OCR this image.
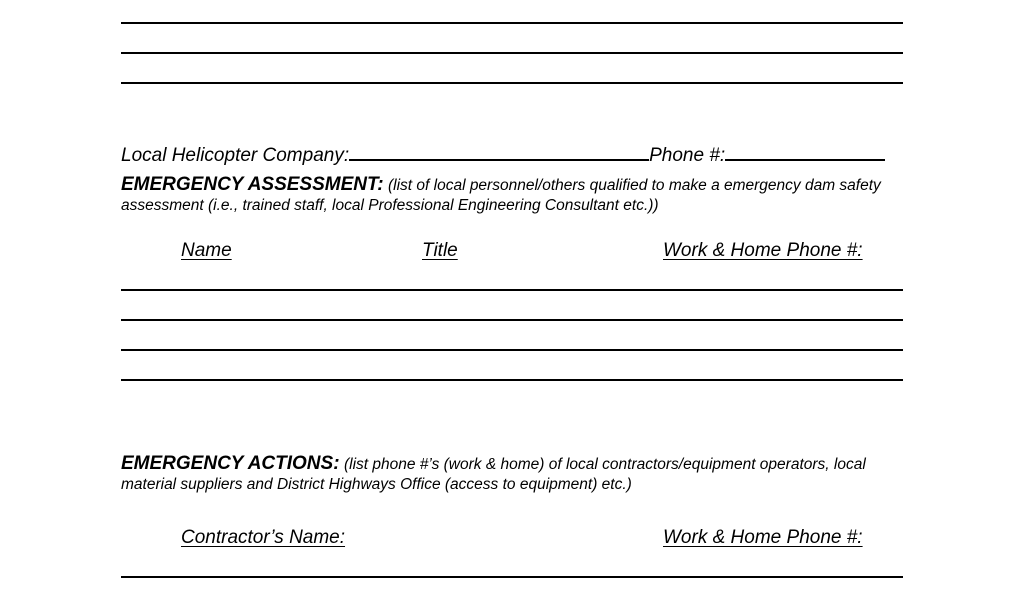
Local Helicopter Company:	Phone #:
EMERGENCY ASSESSMENT: (list of local personnel/others qualified to make a emergency dam safety assessment (i.e., trained staff, local Professional Engineering Consultant etc.))
Name	Title	Work & Home Phone #:
EMERGENCY ACTIONS: (list phone #’s (work & home) of local contractors/equipment operators, local material suppliers and District Highways Office (access to equipment) etc.)
Contractor’s Name:	Work & Home Phone #:
